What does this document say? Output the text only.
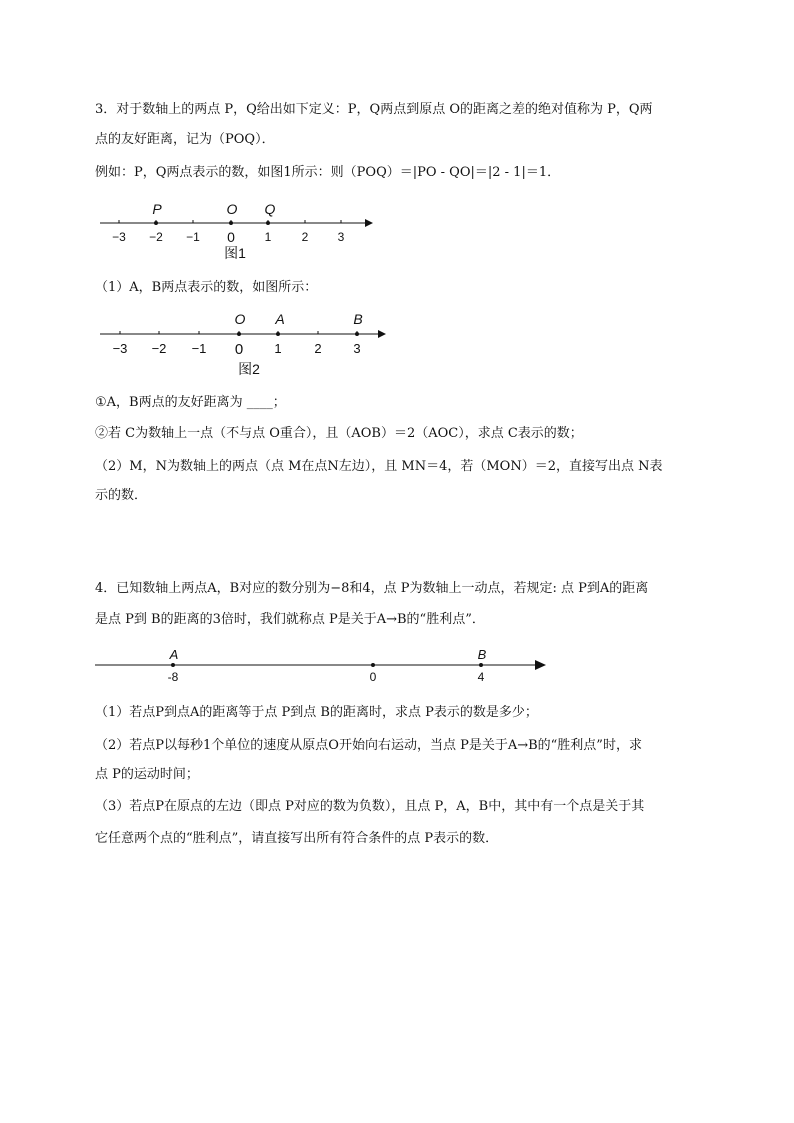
3．对于数轴上的两点 P，Q给出如下定义：P，Q两点到原点 O的距离之差的绝对值称为 P，Q两
点的友好距离，记为（POQ）．
例如：P，Q两点表示的数，如图1所示：则（POQ）＝|PO - QO|＝|2 - 1|＝1．
−3 −2 −1 0 1	2 3
P	O Q
图1
（1）A，B两点表示的数，如图所示：
−3 −2 −1 0 1	2 3
O A	B
图2
①A，B两点的友好距离为 ____；
②若 C为数轴上一点（不与点 O重合），且（AOB）＝2（AOC），求点 C表示的数；
（2）M，N为数轴上的两点（点 M在点N左边），且 MN＝4，若（MON）＝2，直接写出点 N表
示的数．
4．已知数轴上两点A，B对应的数分别为−8和4，点 P为数轴上一动点，若规定: 点 P到A的距离
是点 P到 B的距离的3倍时，我们就称点 P是关于A→B的“胜利点”．
A
-8	0
B
4
（1）若点P到点A的距离等于点 P到点 B的距离时，求点 P表示的数是多少；
（2）若点P以每秒1个单位的速度从原点O开始向右运动，当点 P是关于A→B的“胜利点”时，求
点 P的运动时间；
（3）若点P在原点的左边（即点 P对应的数为负数），且点 P，A，B中，其中有一个点是关于其
它任意两个点的“胜利点”，请直接写出所有符合条件的点 P表示的数．
